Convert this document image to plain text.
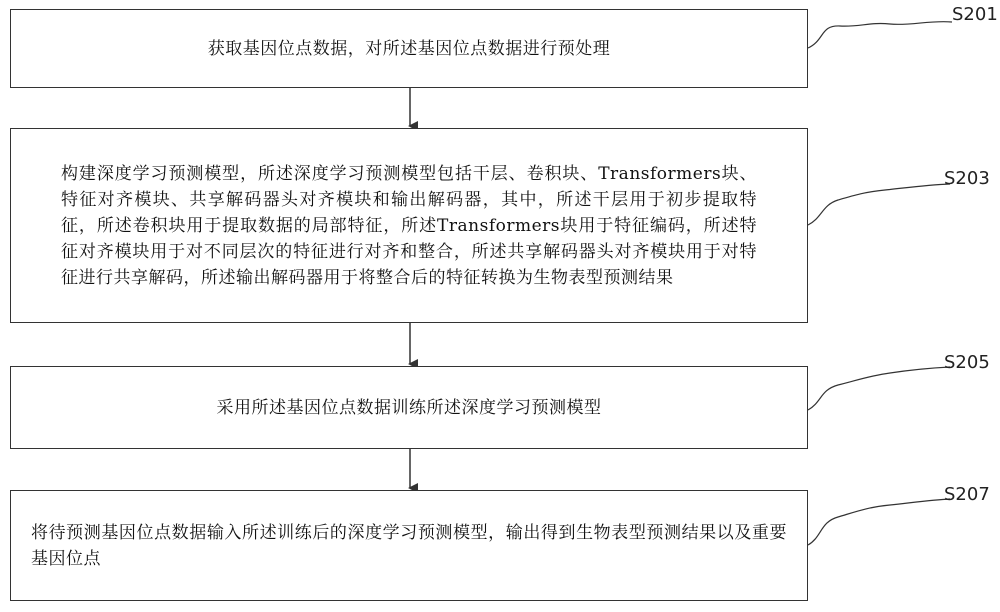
获取基因位点数据，对所述基因位点数据进行预处理
构建深度学习预测模型，所述深度学习预测模型包括干层、卷积块、Transformers块、特征对齐模块、共享解码器头对齐模块和输出解码器，其中，所述干层用于初步提取特征，所述卷积块用于提取数据的局部特征，所述Transformers块用于特征编码，所述特征对齐模块用于对不同层次的特征进行对齐和整合，所述共享解码器头对齐模块用于对特征进行共享解码，所述输出解码器用于将整合后的特征转换为生物表型预测结果
采用所述基因位点数据训练所述深度学习预测模型
将待预测基因位点数据输入所述训练后的深度学习预测模型，输出得到生物表型预测结果以及重要基因位点
S201
S203
S205
S207
